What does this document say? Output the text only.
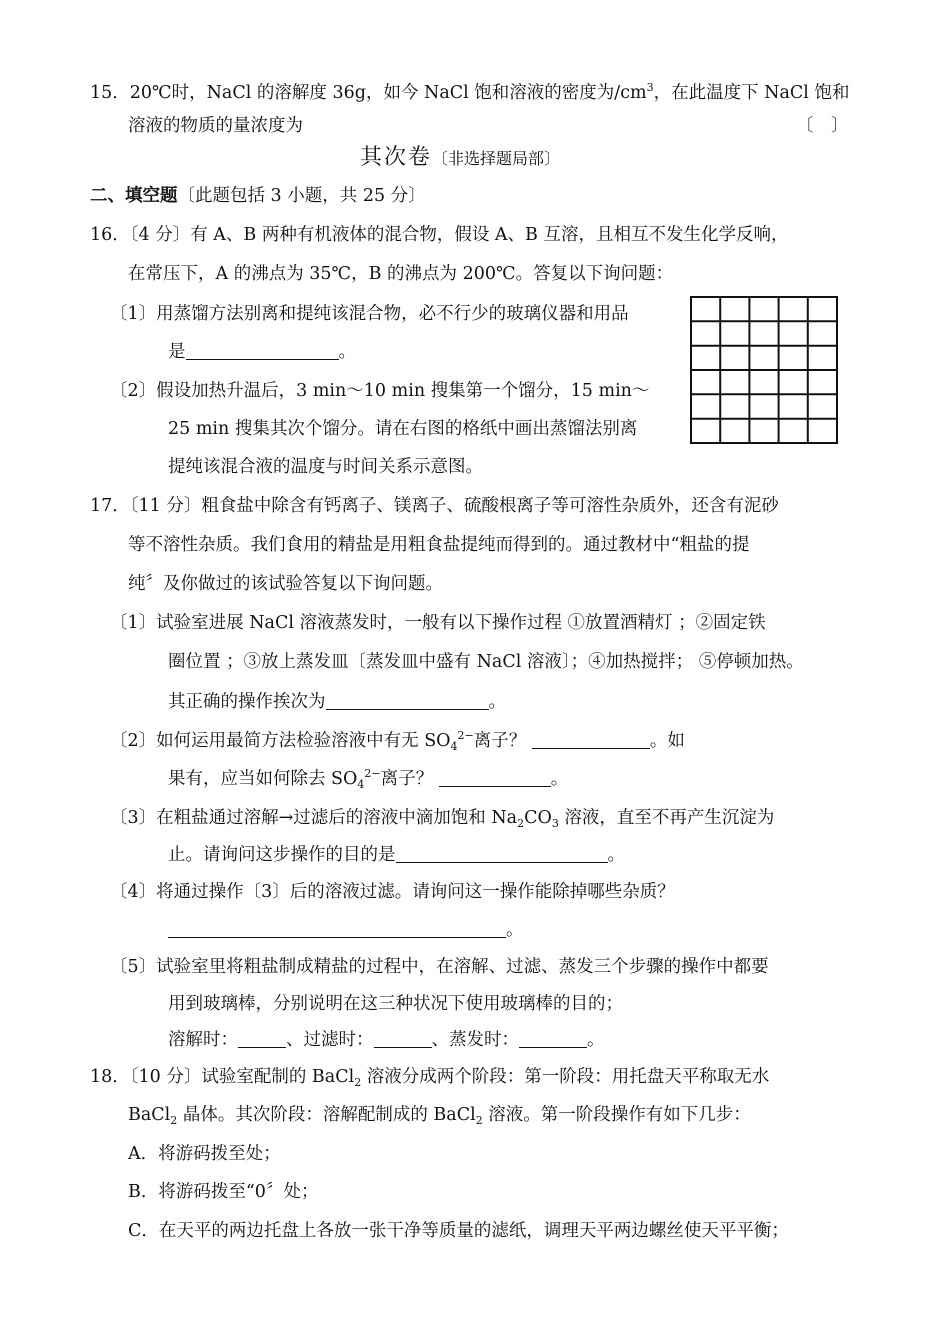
15．20℃时，NaCl 的溶解度 36g，如今 NaCl 饱和溶液的密度为$/cm^3$，在此温度下 NaCl 饱和
溶液的物质的量浓度为	〔　〕
其次卷〔非选择题局部〕
二、填空题〔此题包括 3 小题，共 25 分〕
16．〔4 分〕有 A、B 两种有机液体的混合物，假设 A、B 互溶，且相互不发生化学反响，
在常压下，A 的沸点为 35℃，B 的沸点为 200℃。答复以下询问题：
〔1〕用蒸馏方法别离和提纯该混合物，必不行少的玻璃仪器和用品
是	。
〔2〕假设加热升温后，3 min～10 min 搜集第一个馏分，15 min～
25 min 搜集其次个馏分。请在右图的格纸中画出蒸馏法别离
提纯该混合液的温度与时间关系示意图。
17．〔11 分〕粗食盐中除含有钙离子、镁离子、硫酸根离子等可溶性杂质外，还含有泥砂
等不溶性杂质。我们食用的精盐是用粗食盐提纯而得到的。通过教材中“粗盐的提
纯〞及你做过的该试验答复以下询问题。
〔1〕试验室进展 NaCl 溶液蒸发时，一般有以下操作过程 ①放置酒精灯 ；②固定铁
圈位置 ；③放上蒸发皿〔蒸发皿中盛有 NaCl 溶液〕；④加热搅拌； ⑤停顿加热。
其正确的操作挨次为	。
〔2〕如何运用最简方法检验溶液中有无 $SO_4^{2-}$离子？	。如
果有，应当如何除去 $SO_4^{2-}$离子？	。
〔3〕在粗盐通过溶解→过滤后的溶液中滴加饱和 $Na_2CO_3$ 溶液，直至不再产生沉淀为
止。请询问这步操作的目的是	。
〔4〕将通过操作〔3〕后的溶液过滤。请询问这一操作能除掉哪些杂质？
。
〔5〕试验室里将粗盐制成精盐的过程中，在溶解、过滤、蒸发三个步骤的操作中都要
用到玻璃棒，分别说明在这三种状况下使用玻璃棒的目的；
溶解时：	、过滤时：	、蒸发时：	。
18．〔10 分〕试验室配制的 BaCl$_2$ 溶液分成两个阶段：第一阶段：用托盘天平称取无水
BaCl$_2$ 晶体。其次阶段：溶解配制成的 BaCl$_2$ 溶液。第一阶段操作有如下几步：
A．将游码拨至处；
B．将游码拨至“0〞处；
C．在天平的两边托盘上各放一张干净等质量的滤纸，调理天平两边螺丝使天平平衡；
